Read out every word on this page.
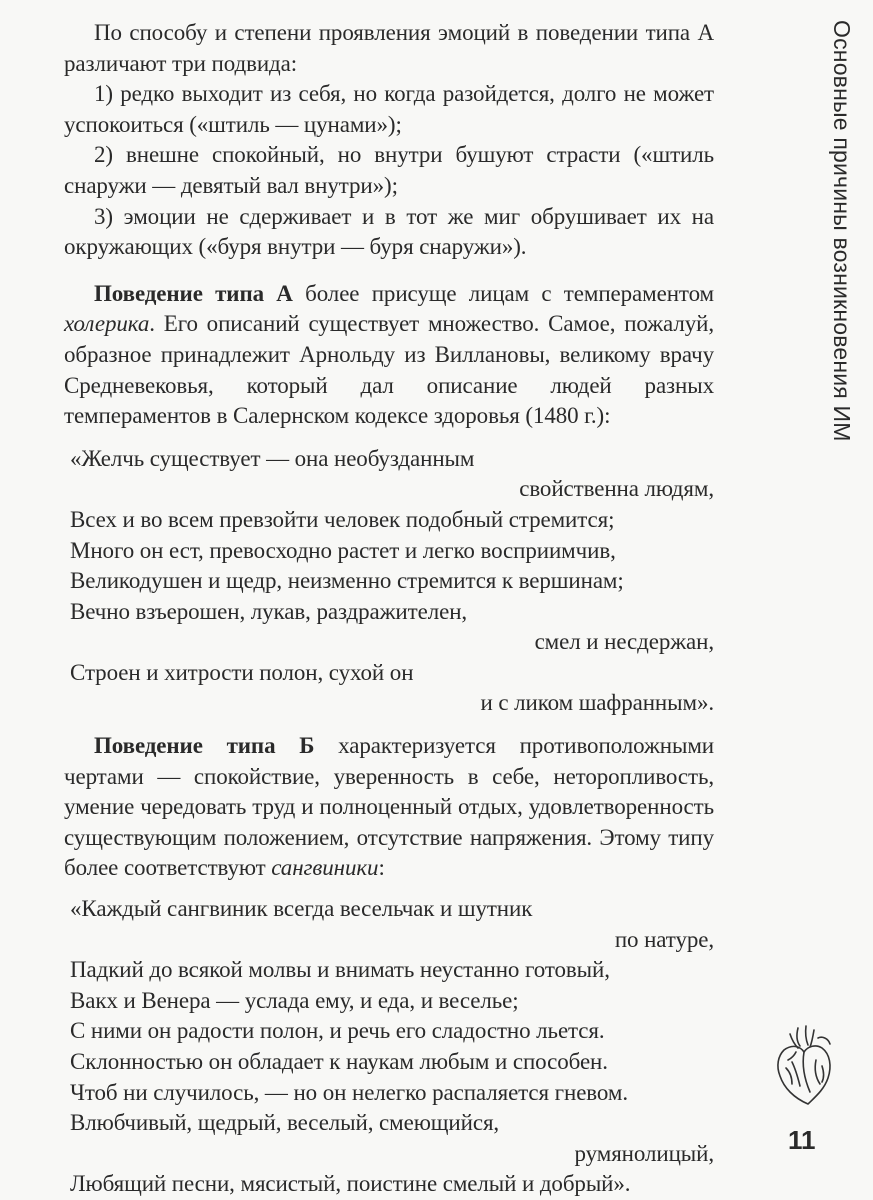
По способу и степени проявления эмоций в поведении типа А различают три подвида:

1) редко выходит из себя, но когда разойдется, долго не может успокоиться («штиль — цунами»);

2) внешне спокойный, но внутри бушуют страсти («штиль снаружи — девятый вал внутри»);

3) эмоции не сдерживает и в тот же миг обрушивает их на окружающих («буря внутри — буря снаружи»).

Поведение типа А более присуще лицам с темпераментом холерика. Его описаний существует множество. Самое, пожалуй, образное принадлежит Арнольду из Виллановы, великому врачу Средневековья, который дал описание людей разных темпераментов в Салернском кодексе здоровья (1480 г.):

«Желчь существует — она необузданным
свойственна людям,
Всех и во всем превзойти человек подобный стремится;
Много он ест, превосходно растет и легко восприимчив,
Великодушен и щедр, неизменно стремится к вершинам;
Вечно взъерошен, лукав, раздражителен,
смел и несдержан,
Строен и хитрости полон, сухой он
и с ликом шафранным».

Поведение типа Б характеризуется противоположными чертами — спокойствие, уверенность в себе, неторопливость, умение чередовать труд и полноценный отдых, удовлетворенность существующим положением, отсутствие напряжения. Этому типу более соответствуют сангвиники:

«Каждый сангвиник всегда весельчак и шутник
по натуре,
Падкий до всякой молвы и внимать неустанно готовый,
Вакх и Венера — услада ему, и еда, и веселье;
С ними он радости полон, и речь его сладостно льется.
Склонностью он обладает к наукам любым и способен.
Чтоб ни случилось, — но он нелегко распаляется гневом.
Влюбчивый, щедрый, веселый, смеющийся,
румянолицый,
Любящий песни, мясистый, поистине смелый и добрый».
Основные причины возникновения ИМ
11
